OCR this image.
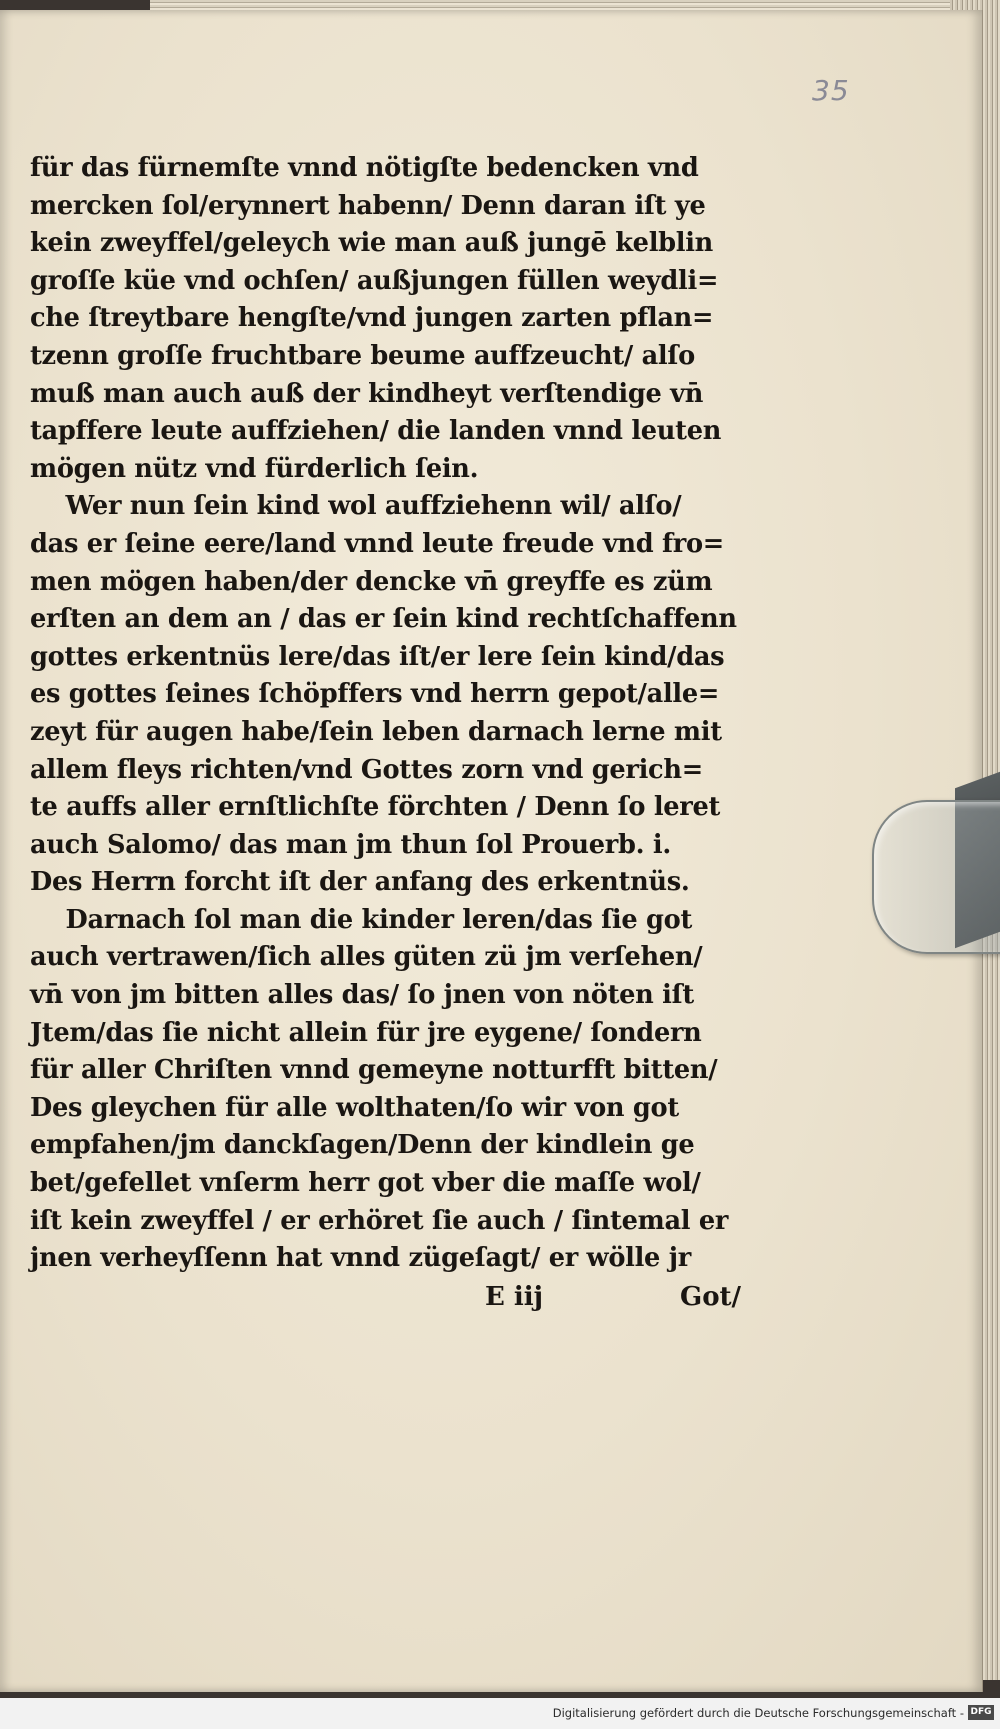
35
für das fürnemſte vnnd nötigſte bedencken vnd
mercken ſol/erynnert habenn/ Denn daran iſt ye
kein zweyffel/geleych wie man auß jungē kelblin
groſſe küe vnd ochſen/ außjungen füllen weydli=
che ſtreytbare hengſte/vnd jungen zarten pflan=
tzenn groſſe fruchtbare beume auffzeucht/ alſo
muß man auch auß der kindheyt verſtendige vn̄
tapffere leute auffziehen/ die landen vnnd leuten
mögen nütz vnd fürderlich ſein.
Wer nun ſein kind wol auffziehenn wil/ alſo/
das er ſeine eere/land vnnd leute freude vnd fro=
men mögen haben/der dencke vn̄ greyffe es züm
erſten an dem an / das er ſein kind rechtſchaffenn
gottes erkentnüs lere/das iſt/er lere ſein kind/das
es gottes ſeines ſchöpffers vnd herrn gepot/alle=
zeyt für augen habe/ſein leben darnach lerne mit
allem fleys richten/vnd Gottes zorn vnd gerich=
te auffs aller ernſtlichſte förchten / Denn ſo leret
auch Salomo/ das man jm thun ſol Prouerb. i.
Des Herrn forcht iſt der anfang des erkentnüs.
Darnach ſol man die kinder leren/das ſie got
auch vertrawen/ſich alles güten zü jm verſehen/
vn̄ von jm bitten alles das/ ſo jnen von nöten iſt
Jtem/das ſie nicht allein für jre eygene/ ſondern
für aller Chriſten vnnd gemeyne notturfft bitten/
Des gleychen für alle wolthaten/ſo wir von got
empfahen/jm danckſagen/Denn der kindlein ge
bet/gefellet vnſerm herr got vber die maſſe wol/
iſt kein zweyffel / er erhöret ſie auch / ſintemal er
jnen verheyſſenn hat vnnd zügeſagt/ er wölle jr
E iij	Got/
Digitalisierung gefördert durch die Deutsche Forschungsgemeinschaft - DFG
